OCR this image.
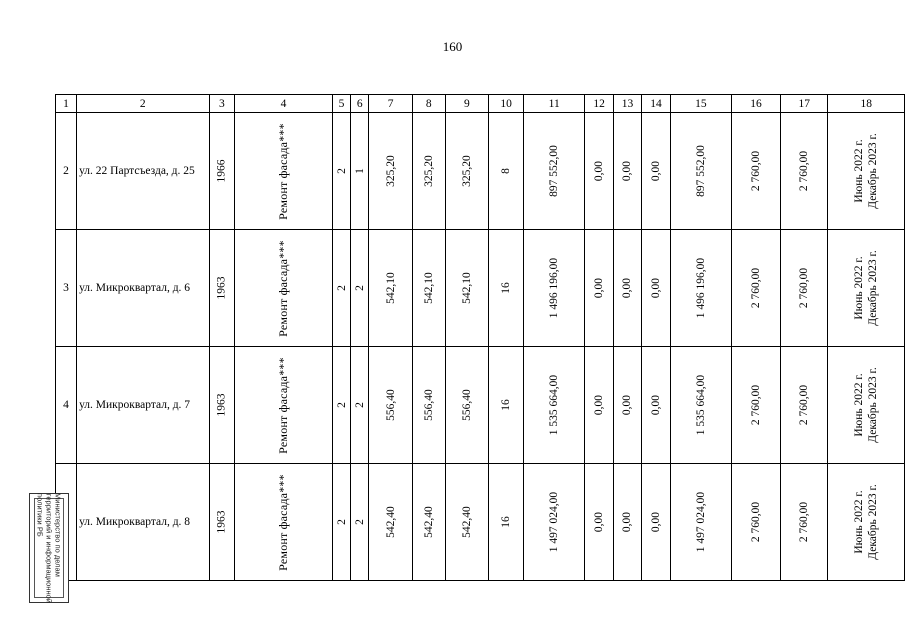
160
1	2	3	4	5	6	7	8	9	10	11	12	13	14	15	16	17	18
2	ул. 22 Партсъезда, д. 25	1966	Ремонт фасада***	2	1	325,20	325,20	325,20	8	897 552,00	0,00	0,00	0,00	897 552,00	2 760,00	2 760,00	Июнь 2022 г. Декабрь 2023 г.

3	ул. Микроквартал, д. 6	1963	Ремонт фасада***	2	2	542,10	542,10	542,10	16	1 496 196,00	0,00	0,00	0,00	1 496 196,00	2 760,00	2 760,00	Июнь 2022 г. Декабрь 2023 г.

4	ул. Микроквартал, д. 7	1963	Ремонт фасада***	2	2	556,40	556,40	556,40	16	1 535 664,00	0,00	0,00	0,00	1 535 664,00	2 760,00	2 760,00	Июнь 2022 г. Декабрь 2023 г.

	ул. Микроквартал, д. 8	1963	Ремонт фасада***	2	2	542,40	542,40	542,40	16	1 497 024,00	0,00	0,00	0,00	1 497 024,00	2 760,00	2 760,00	Июнь 2022 г. Декабрь 2023 г.
Министерство по делам
территорий и информационной
политики РБ
